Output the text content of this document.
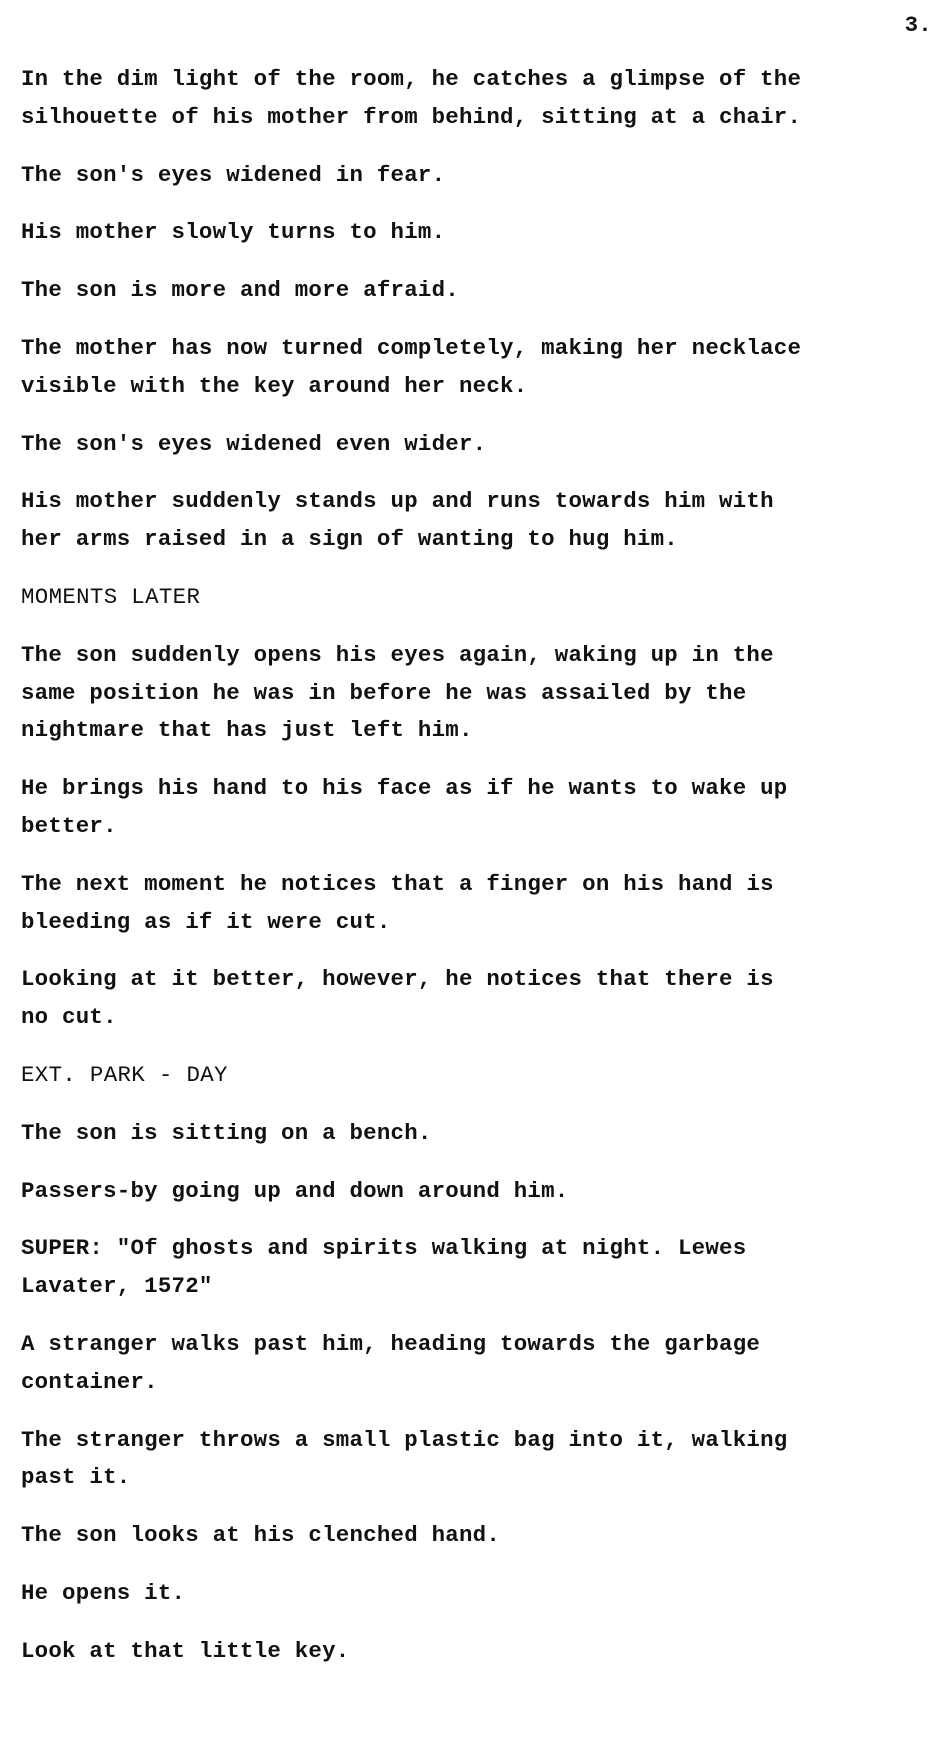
3.

In the dim light of the room, he catches a glimpse of the
silhouette of his mother from behind, sitting at a chair.

The son's eyes widened in fear.

His mother slowly turns to him.

The son is more and more afraid.

The mother has now turned completely, making her necklace
visible with the key around her neck.

The son's eyes widened even wider.

His mother suddenly stands up and runs towards him with
her arms raised in a sign of wanting to hug him.

MOMENTS LATER

The son suddenly opens his eyes again, waking up in the
same position he was in before he was assailed by the
nightmare that has just left him.

He brings his hand to his face as if he wants to wake up
better.

The next moment he notices that a finger on his hand is
bleeding as if it were cut.

Looking at it better, however, he notices that there is
no cut.

EXT. PARK - DAY

The son is sitting on a bench.

Passers-by going up and down around him.

SUPER: "Of ghosts and spirits walking at night. Lewes
Lavater, 1572"

A stranger walks past him, heading towards the garbage
container.

The stranger throws a small plastic bag into it, walking
past it.

The son looks at his clenched hand.

He opens it.

Look at that little key.
